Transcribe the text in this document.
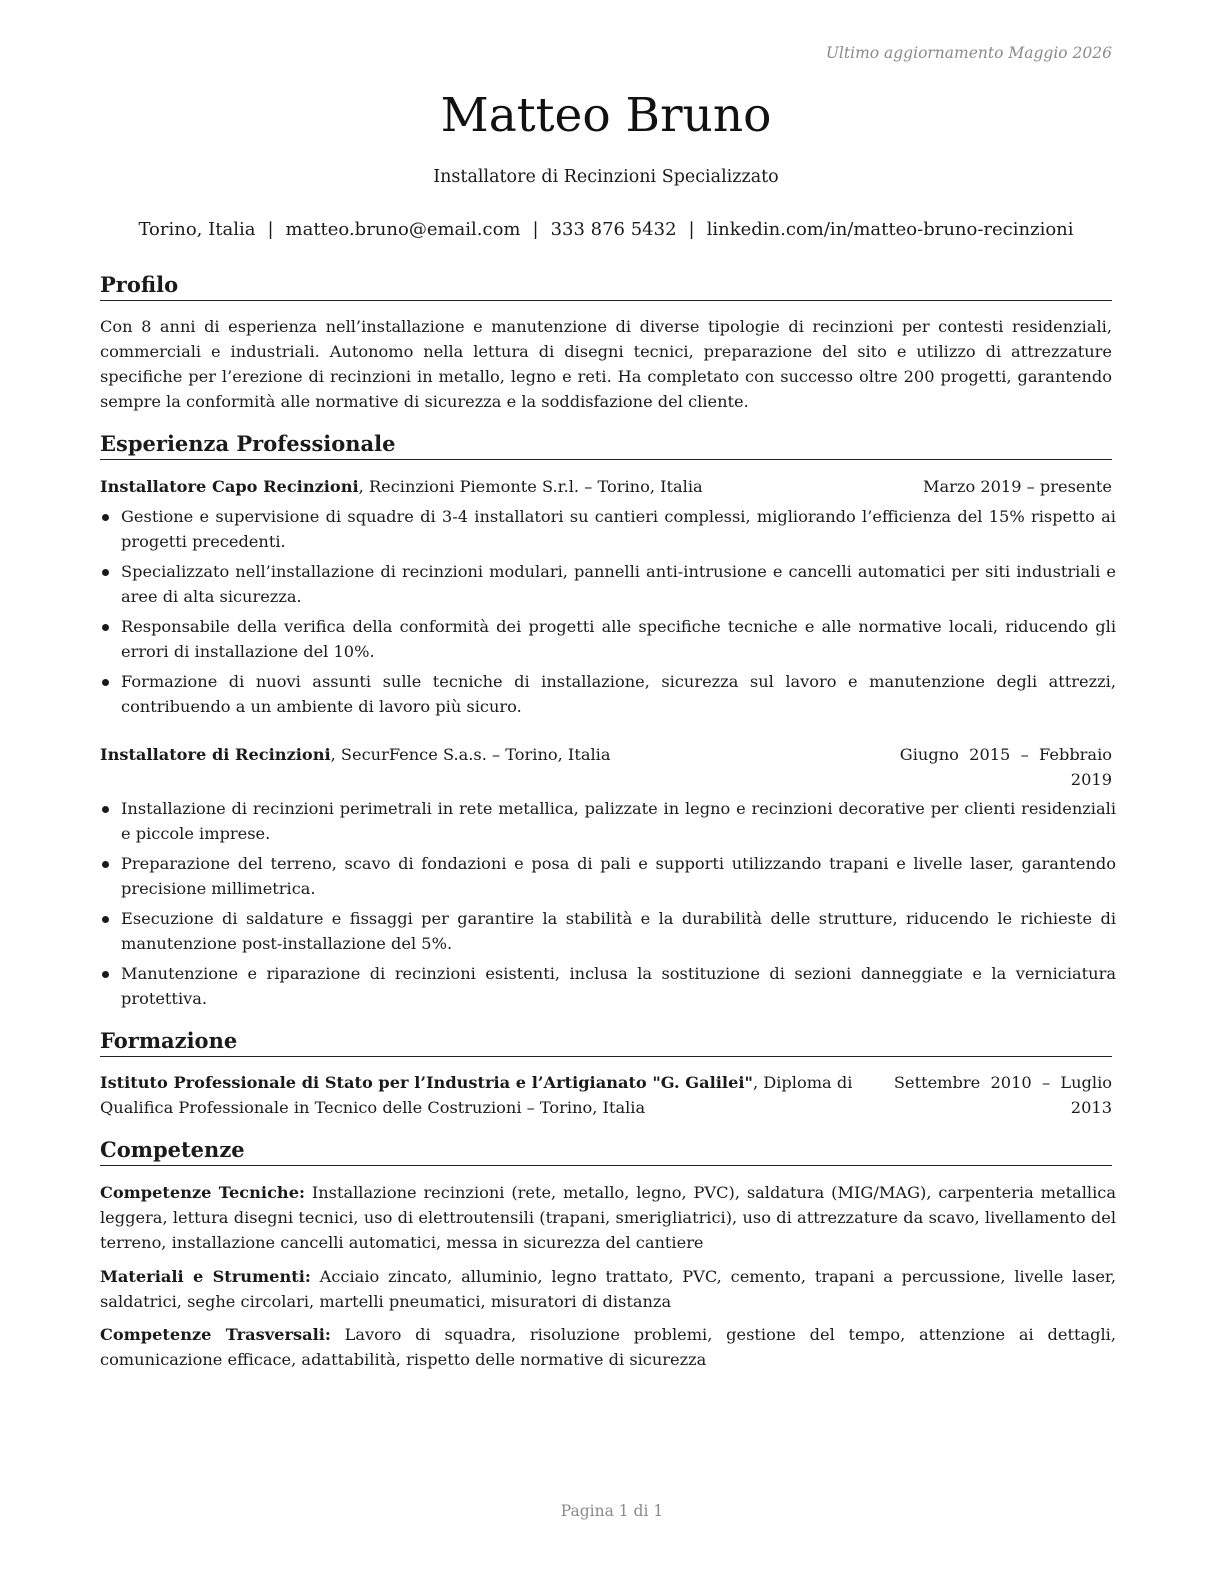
Ultimo aggiornamento Maggio 2026

Matteo Bruno

Installatore di Recinzioni Specializzato

Torino, Italia | matteo.bruno@email.com | 333 876 5432 | linkedin.com/in/matteo-bruno-recinzioni

Profilo

Con 8 anni di esperienza nell’installazione e manutenzione di diverse tipologie di recinzioni per contesti residenziali, commerciali e industriali. Autonomo nella lettura di disegni tecnici, preparazione del sito e utilizzo di attrezzature specifiche per l’erezione di recinzioni in metallo, legno e reti. Ha completato con successo oltre 200 progetti, garantendo sempre la conformità alle normative di sicurezza e la soddisfazione del cliente.

Esperienza Professionale
Installatore Capo Recinzioni, Recinzioni Piemonte S.r.l. – Torino, Italia	Marzo 2019 – presente
Gestione e supervisione di squadre di 3-4 installatori su cantieri complessi, migliorando l’efficienza del 15% rispetto ai progetti precedenti.
Specializzato nell’installazione di recinzioni modulari, pannelli anti-intrusione e cancelli automatici per siti industriali e aree di alta sicurezza.
Responsabile della verifica della conformità dei progetti alle specifiche tecniche e alle normative locali, riducendo gli errori di installazione del 10%.
Formazione di nuovi assunti sulle tecniche di installazione, sicurezza sul lavoro e manutenzione degli attrezzi, contribuendo a un ambiente di lavoro più sicuro.
Installatore di Recinzioni, SecurFence S.a.s. – Torino, Italia	Giugno  2015  –  Febbraio
2019
Installazione di recinzioni perimetrali in rete metallica, palizzate in legno e recinzioni decorative per clienti residenziali e piccole imprese.
Preparazione del terreno, scavo di fondazioni e posa di pali e supporti utilizzando trapani e livelle laser, garantendo precisione millimetrica.
Esecuzione di saldature e fissaggi per garantire la stabilità e la durabilità delle strutture, riducendo le richieste di manutenzione post-installazione del 5%.
Manutenzione e riparazione di recinzioni esistenti, inclusa la sostituzione di sezioni danneggiate e la verniciatura protettiva.
Formazione
Istituto Professionale di Stato per l’Industria e l’Artigianato "G. Galilei", Diploma di	Settembre  2010  –  Luglio
Qualifica Professionale in Tecnico delle Costruzioni – Torino, Italia	2013
Competenze

Competenze Tecniche: Installazione recinzioni (rete, metallo, legno, PVC), saldatura (MIG/MAG), carpenteria metallica leggera, lettura disegni tecnici, uso di elettroutensili (trapani, smerigliatrici), uso di attrezzature da scavo, livellamento del terreno, installazione cancelli automatici, messa in sicurezza del cantiere

Materiali e Strumenti: Acciaio zincato, alluminio, legno trattato, PVC, cemento, trapani a percussione, livelle laser, saldatrici, seghe circolari, martelli pneumatici, misuratori di distanza

Competenze Trasversali: Lavoro di squadra, risoluzione problemi, gestione del tempo, attenzione ai dettagli, comunicazione efficace, adattabilità, rispetto delle normative di sicurezza

Pagina 1 di 1
